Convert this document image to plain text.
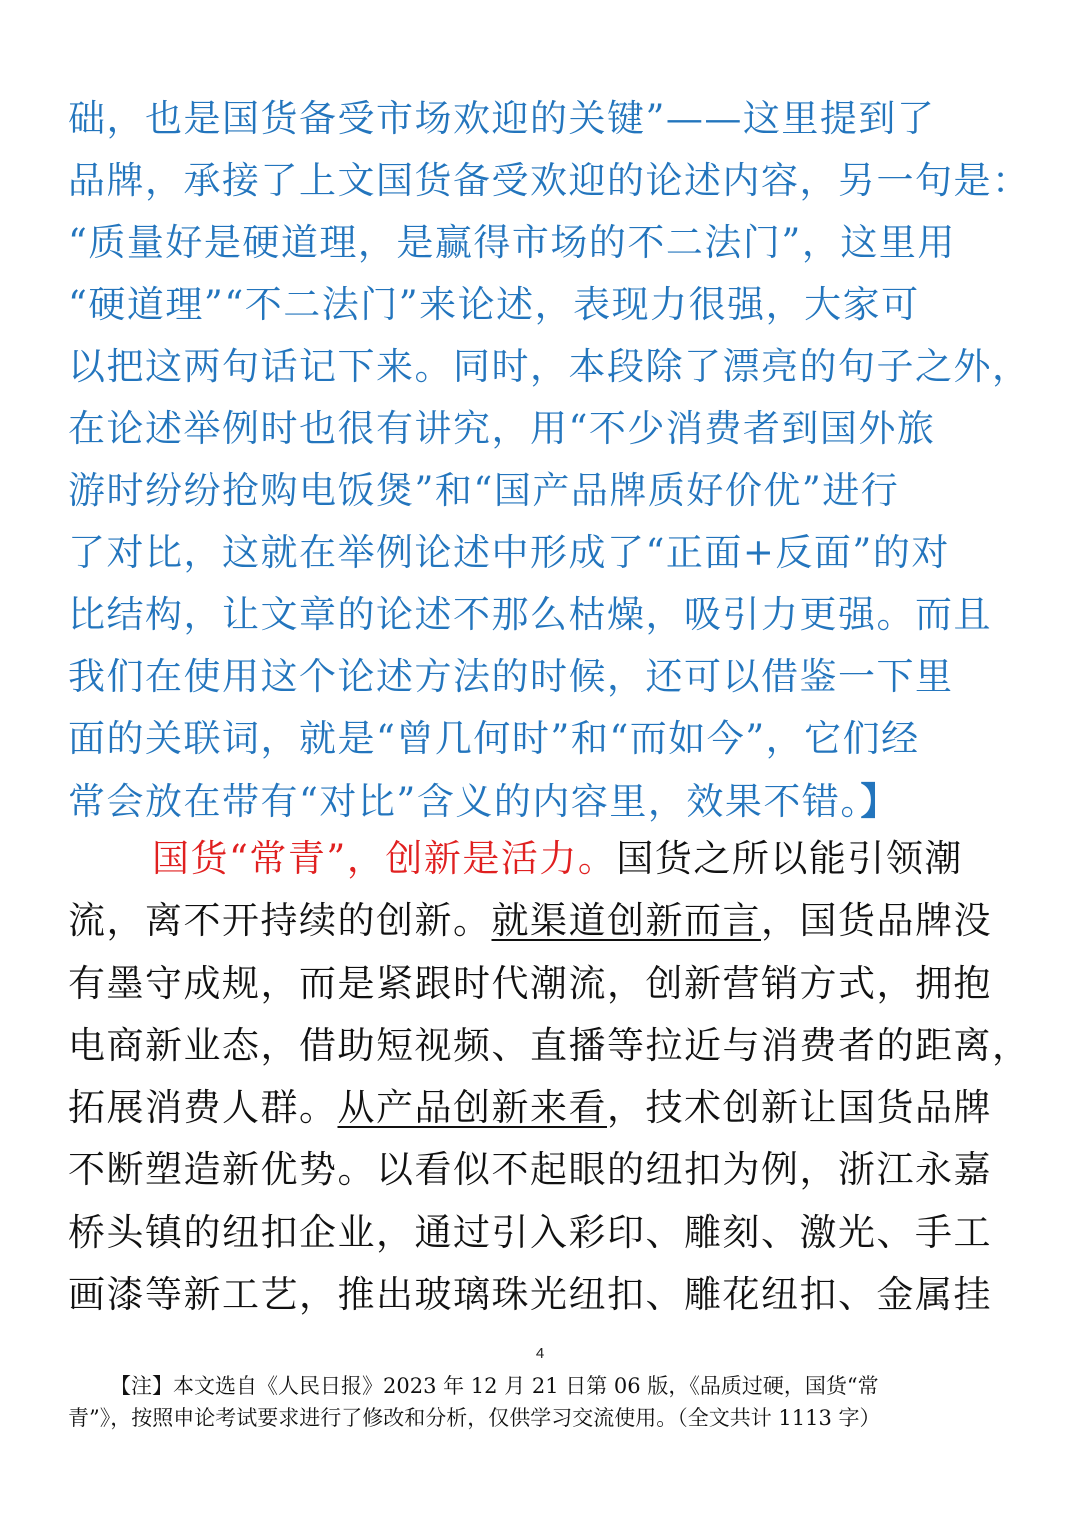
础，也是国货备受市场欢迎的关键”——这里提到了
品牌，承接了上文国货备受欢迎的论述内容，另一句是：
“质量好是硬道理，是赢得市场的不二法门”，这里用
“硬道理”“不二法门”来论述，表现力很强，大家可
以把这两句话记下来。同时，本段除了漂亮的句子之外，
在论述举例时也很有讲究，用“不少消费者到国外旅
游时纷纷抢购电饭煲”和“国产品牌质好价优”进行
了对比，这就在举例论述中形成了“正面+反面”的对
比结构，让文章的论述不那么枯燥，吸引力更强。而且
我们在使用这个论述方法的时候，还可以借鉴一下里
面的关联词，就是“曾几何时”和“而如今”，它们经
常会放在带有“对比”含义的内容里，效果不错。】
国货“常青”，创新是活力。国货之所以能引领潮
流，离不开持续的创新。就渠道创新而言，国货品牌没
有墨守成规，而是紧跟时代潮流，创新营销方式，拥抱
电商新业态，借助短视频、直播等拉近与消费者的距离，
拓展消费人群。从产品创新来看，技术创新让国货品牌
不断塑造新优势。以看似不起眼的纽扣为例，浙江永嘉
桥头镇的纽扣企业，通过引入彩印、雕刻、激光、手工
画漆等新工艺，推出玻璃珠光纽扣、雕花纽扣、金属挂
4
【注】本文选自《人民日报》2023 年 12 月 21 日第 06 版，《品质过硬，国货“常
青”》，按照申论考试要求进行了修改和分析，仅供学习交流使用。（全文共计 1113 字）
